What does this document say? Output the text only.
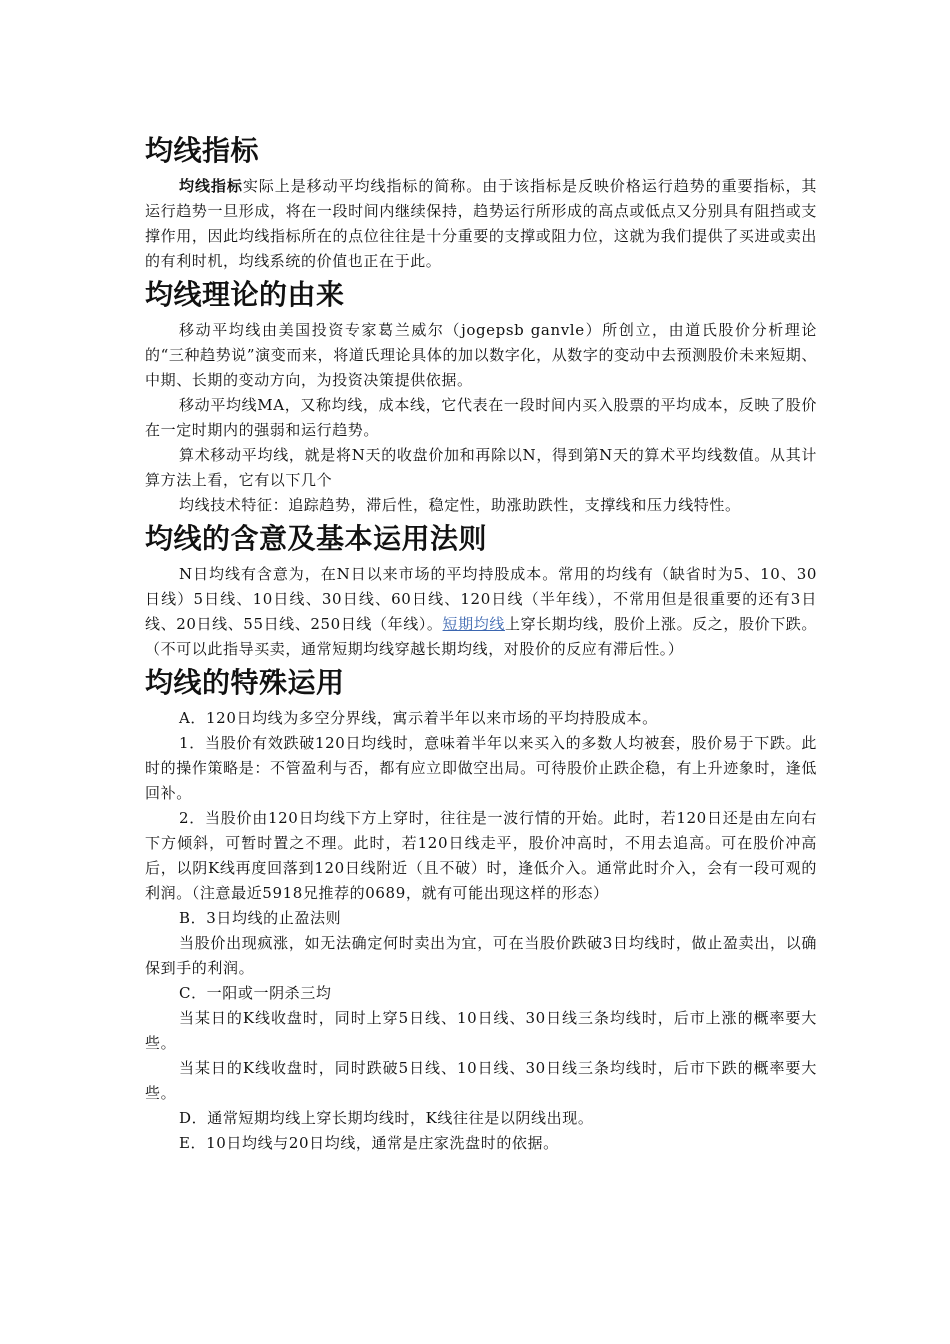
均线指标

均线指标实际上是移动平均线指标的简称。由于该指标是反映价格运行趋势的重要指标，其运行趋势一旦形成，将在一段时间内继续保持，趋势运行所形成的高点或低点又分别具有阻挡或支撑作用，因此均线指标所在的点位往往是十分重要的支撑或阻力位，这就为我们提供了买进或卖出的有利时机，均线系统的价值也正在于此。

均线理论的由来

移动平均线由美国投资专家葛兰威尔（jogepsb ganvle）所创立，由道氏股价分析理论的“三种趋势说”演变而来，将道氏理论具体的加以数字化，从数字的变动中去预测股价未来短期、中期、长期的变动方向，为投资决策提供依据。

移动平均线MA，又称均线，成本线，它代表在一段时间内买入股票的平均成本，反映了股价在一定时期内的强弱和运行趋势。

算术移动平均线，就是将N天的收盘价加和再除以N，得到第N天的算术平均线数值。从其计算方法上看，它有以下几个

均线技术特征：追踪趋势，滞后性，稳定性，助涨助跌性，支撑线和压力线特性。

均线的含意及基本运用法则

N日均线有含意为，在N日以来市场的平均持股成本。常用的均线有（缺省时为5、10、30日线）5日线、10日线、30日线、60日线、120日线（半年线），不常用但是很重要的还有3日线、20日线、55日线、250日线（年线）。短期均线上穿长期均线，股价上涨。反之，股价下跌。（不可以此指导买卖，通常短期均线穿越长期均线，对股价的反应有滞后性。）

均线的特殊运用

A．120日均线为多空分界线，寓示着半年以来市场的平均持股成本。

1．当股价有效跌破120日均线时，意味着半年以来买入的多数人均被套，股价易于下跌。此时的操作策略是：不管盈利与否，都有应立即做空出局。可待股价止跌企稳，有上升迹象时，逢低回补。

2．当股价由120日均线下方上穿时，往往是一波行情的开始。此时，若120日还是由左向右下方倾斜，可暂时置之不理。此时，若120日线走平，股价冲高时，不用去追高。可在股价冲高后，以阴K线再度回落到120日线附近（且不破）时，逢低介入。通常此时介入，会有一段可观的利润。（注意最近5918兄推荐的0689，就有可能出现这样的形态）

B．3日均线的止盈法则

当股价出现疯涨，如无法确定何时卖出为宜，可在当股价跌破3日均线时，做止盈卖出，以确保到手的利润。

C．一阳或一阴杀三均

当某日的K线收盘时，同时上穿5日线、10日线、30日线三条均线时，后市上涨的概率要大些。

当某日的K线收盘时，同时跌破5日线、10日线、30日线三条均线时，后市下跌的概率要大些。

D．通常短期均线上穿长期均线时，K线往往是以阴线出现。

E．10日均线与20日均线，通常是庄家洗盘时的依据。
